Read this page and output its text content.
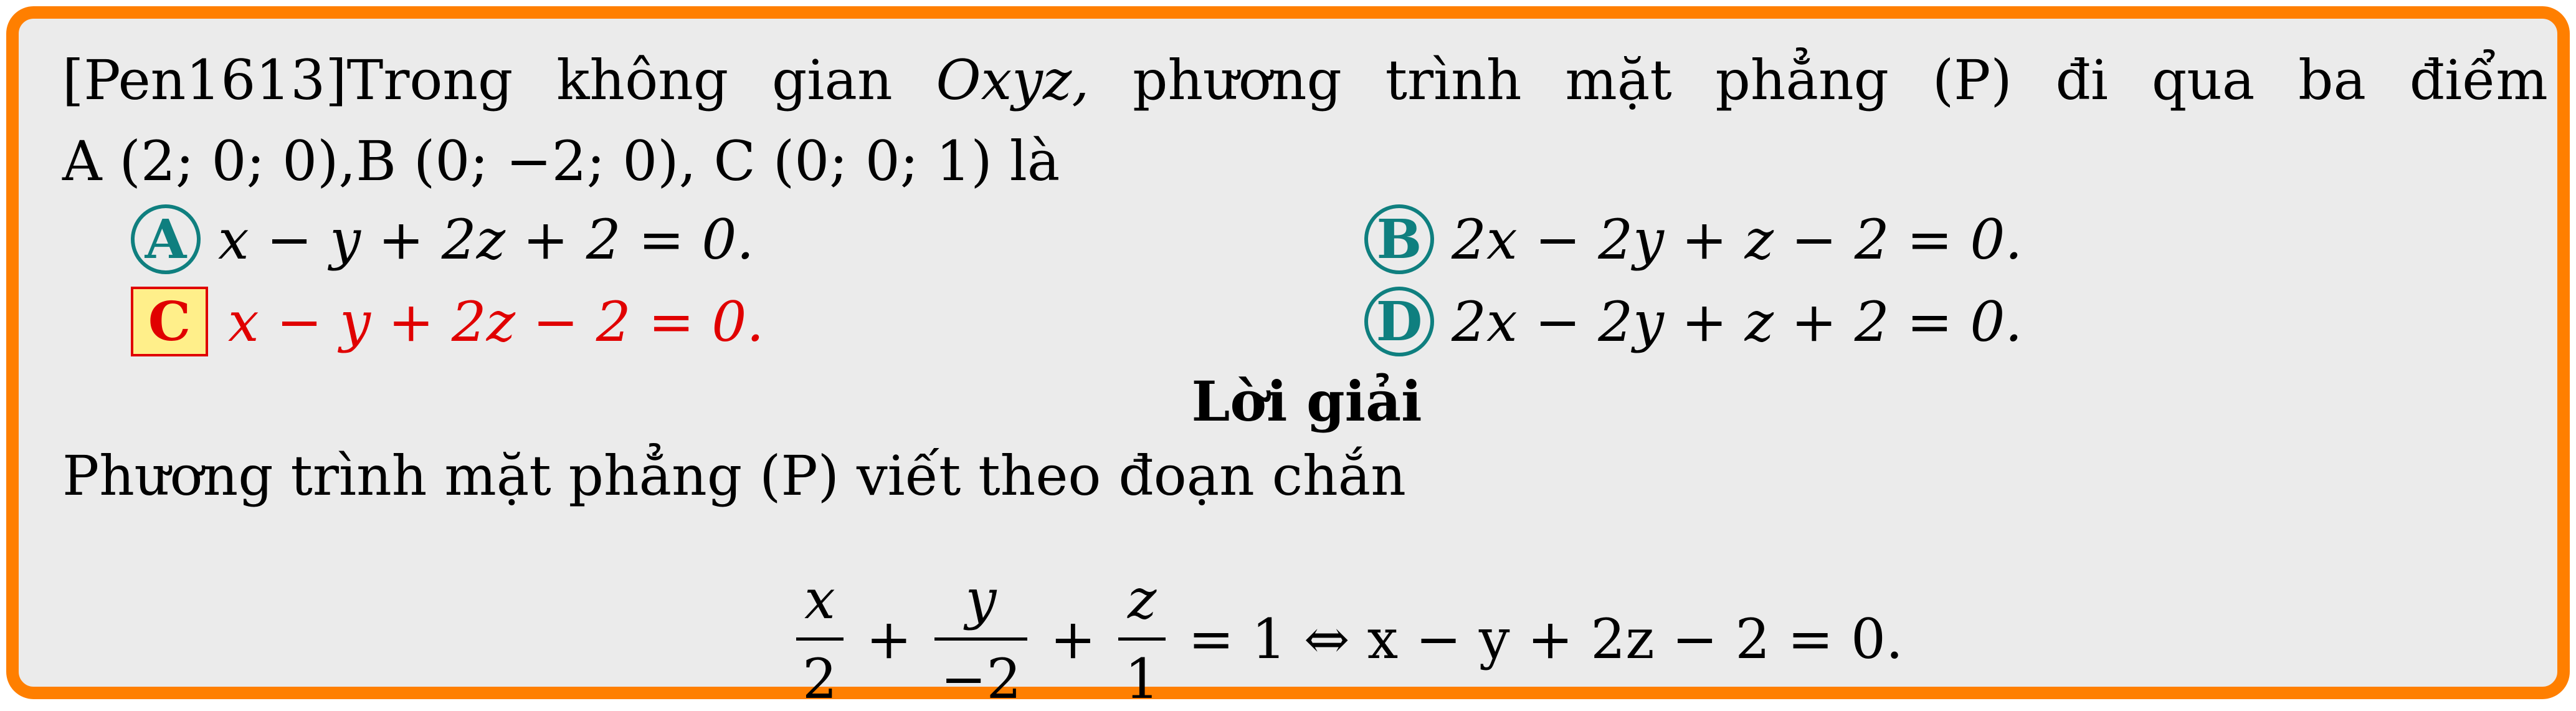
[Pen1613]Trong không gian Oxyz, phương trình mặt phẳng (P) đi qua ba điểm
A (2; 0; 0),B (0; −2; 0), C (0; 0; 1) là
A x − y + 2z + 2 = 0.	B 2x − 2y + z − 2 = 0.
C x − y + 2z − 2 = 0.	D 2x − 2y + z + 2 = 0.
Lời giải
Phương trình mặt phẳng (P) viết theo đoạn chắn
x
2
+
y
−2
+
z
1
= 1 ⇔ x − y + 2z − 2 = 0.
